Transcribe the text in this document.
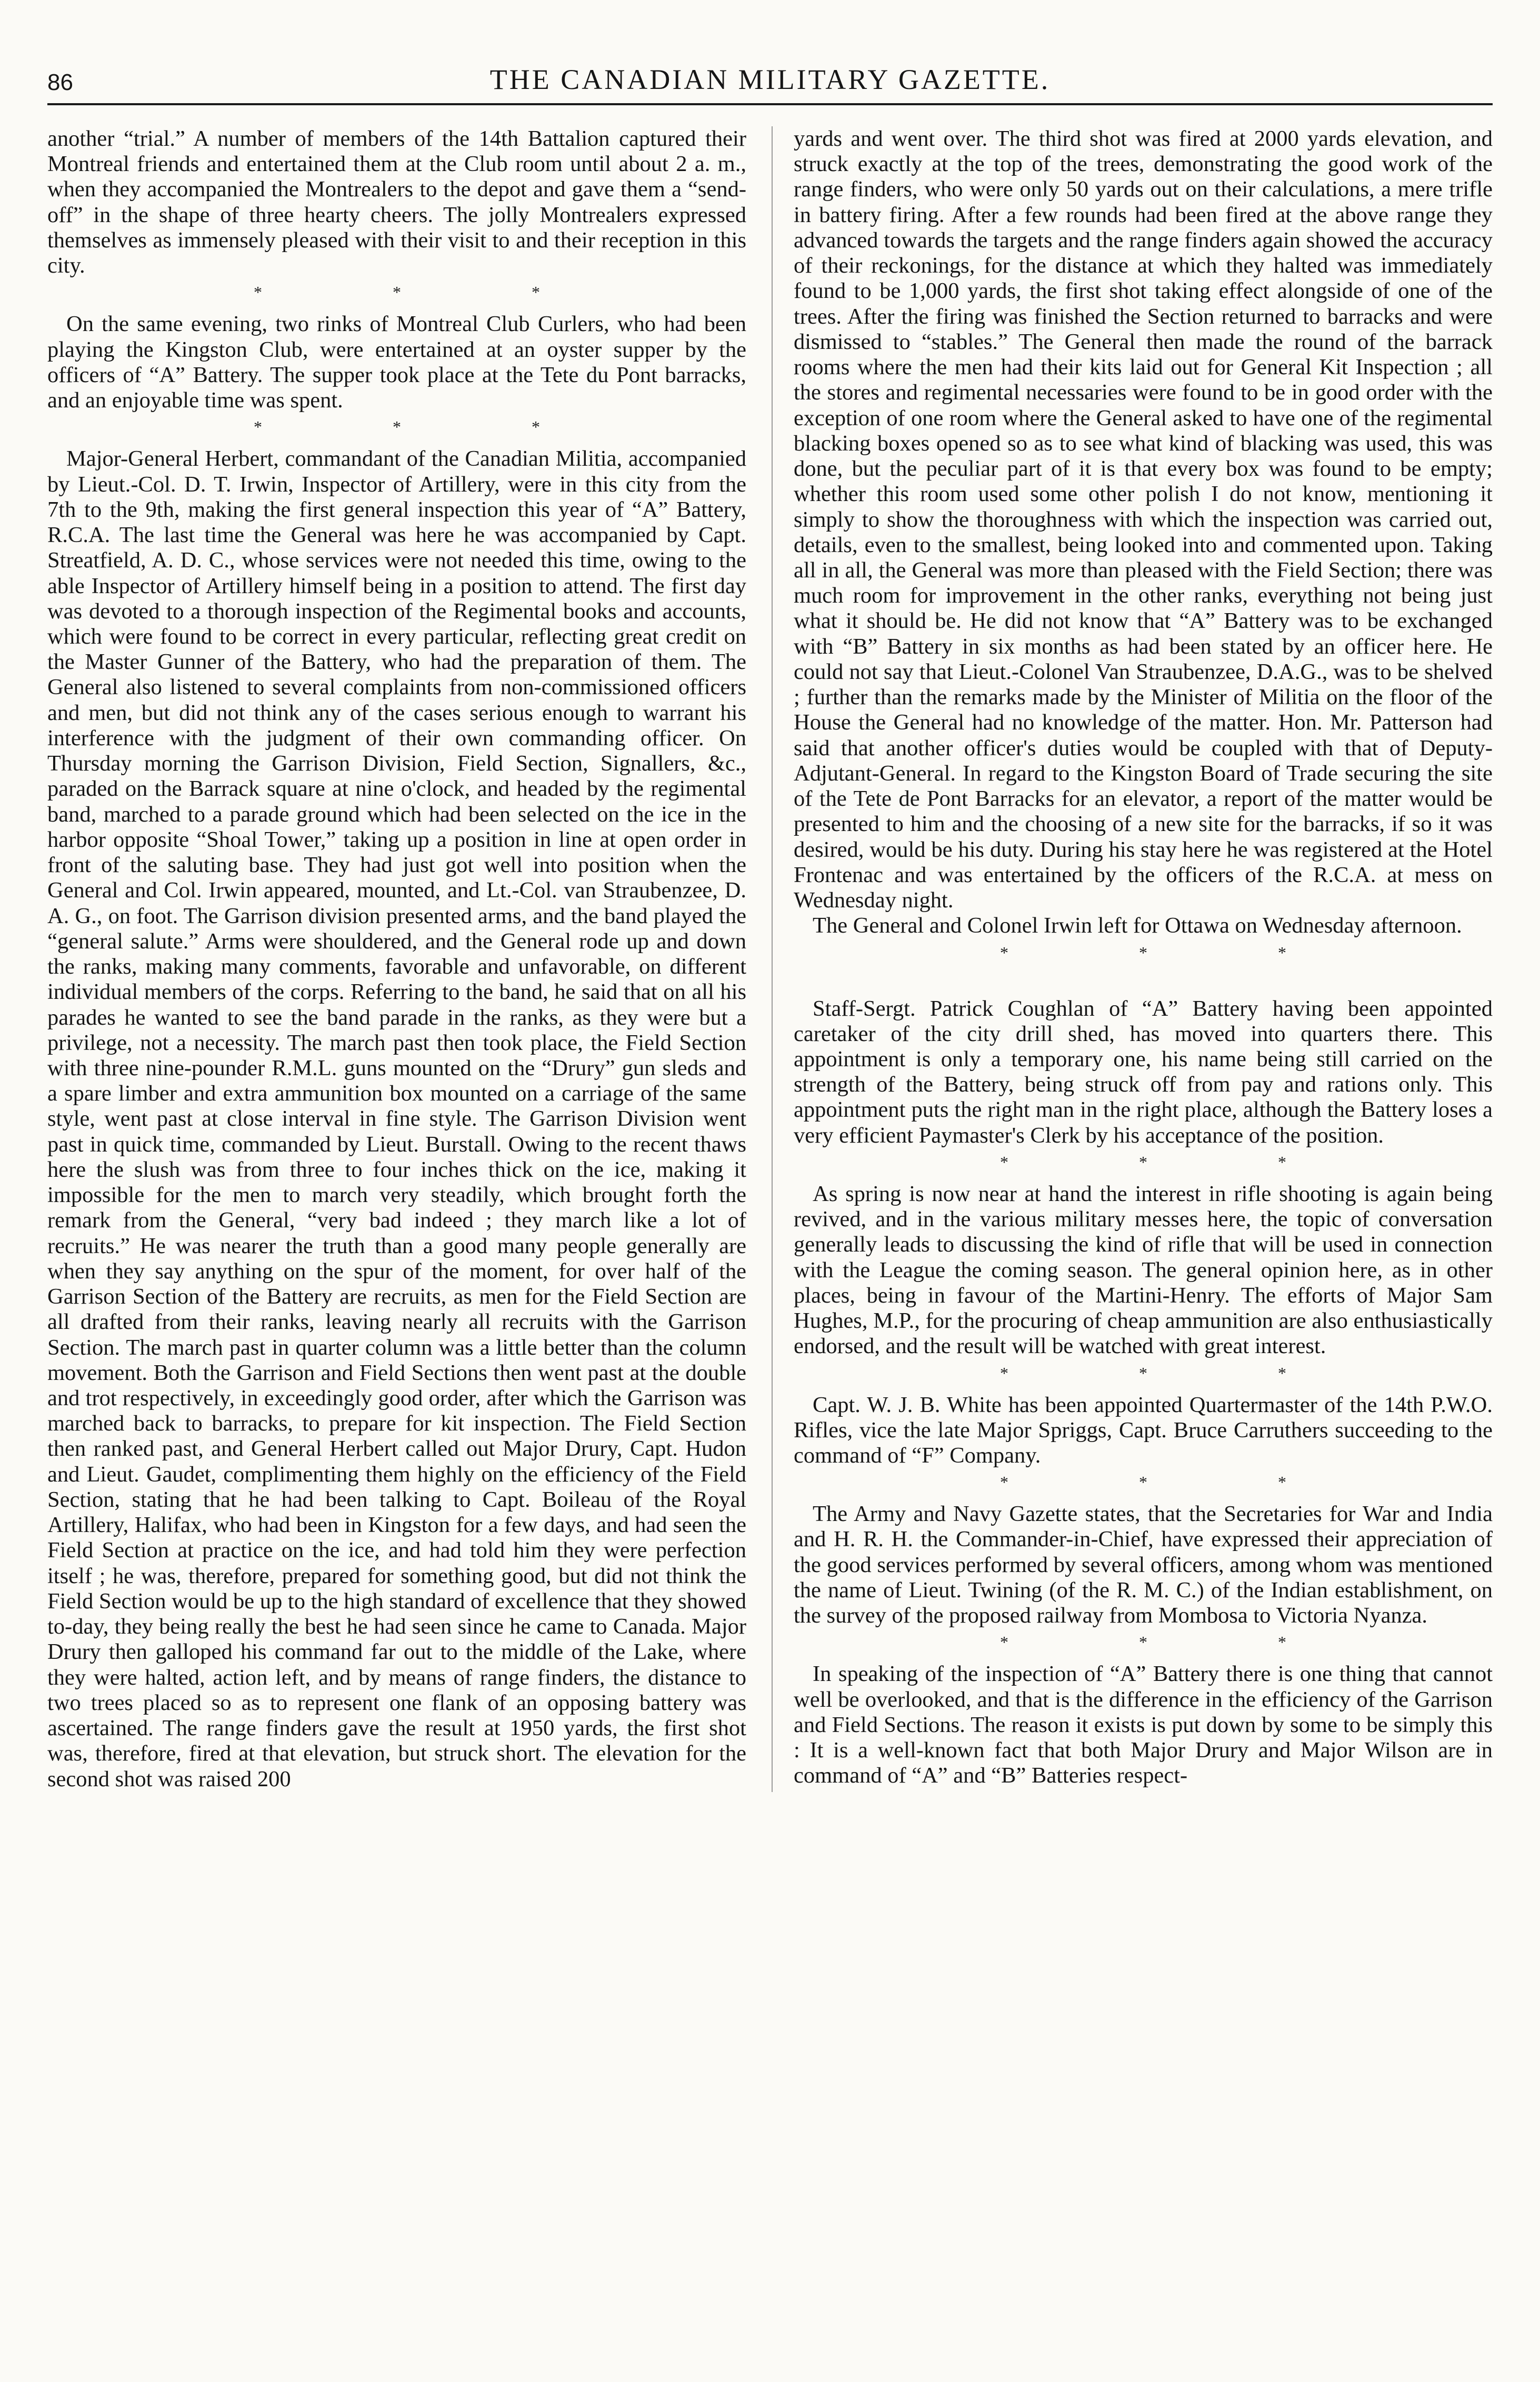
86	THE CANADIAN MILITARY GAZETTE.

another “trial.” A number of members of the 14th Battalion captured their Montreal friends and entertained them at the Club room until about 2 a. m., when they accompanied the Montrealers to the depot and gave them a “send-off” in the shape of three hearty cheers. The jolly Montrealers expressed themselves as immensely pleased with their visit to and their reception in this city.

* * *

On the same evening, two rinks of Montreal Club Curlers, who had been playing the Kingston Club, were entertained at an oyster supper by the officers of “A” Battery. The supper took place at the Tete du Pont barracks, and an enjoyable time was spent.

* * *

Major-General Herbert, commandant of the Canadian Militia, accompanied by Lieut.-Col. D. T. Irwin, Inspector of Artillery, were in this city from the 7th to the 9th, making the first general inspection this year of “A” Battery, R.C.A. The last time the General was here he was accompanied by Capt. Streatfield, A. D. C., whose services were not needed this time, owing to the able Inspector of Artillery himself being in a position to attend. The first day was devoted to a thorough inspection of the Regimental books and accounts, which were found to be correct in every particular, reflecting great credit on the Master Gunner of the Battery, who had the preparation of them. The General also listened to several complaints from non-commissioned officers and men, but did not think any of the cases serious enough to warrant his interference with the judgment of their own commanding officer. On Thursday morning the Garrison Division, Field Section, Signallers, &c., paraded on the Barrack square at nine o'clock, and headed by the regimental band, marched to a parade ground which had been selected on the ice in the harbor opposite “Shoal Tower,” taking up a position in line at open order in front of the saluting base. They had just got well into position when the General and Col. Irwin appeared, mounted, and Lt.-Col. van Straubenzee, D. A. G., on foot. The Garrison division presented arms, and the band played the “general salute.” Arms were shouldered, and the General rode up and down the ranks, making many comments, favorable and unfavorable, on different individual members of the corps. Referring to the band, he said that on all his parades he wanted to see the band parade in the ranks, as they were but a privilege, not a necessity. The march past then took place, the Field Section with three nine-pounder R.M.L. guns mounted on the “Drury” gun sleds and a spare limber and extra ammunition box mounted on a carriage of the same style, went past at close interval in fine style. The Garrison Division went past in quick time, commanded by Lieut. Burstall. Owing to the recent thaws here the slush was from three to four inches thick on the ice, making it impossible for the men to march very steadily, which brought forth the remark from the General, “very bad indeed ; they march like a lot of recruits.” He was nearer the truth than a good many people generally are when they say anything on the spur of the moment, for over half of the Garrison Section of the Battery are recruits, as men for the Field Section are all drafted from their ranks, leaving nearly all recruits with the Garrison Section. The march past in quarter column was a little better than the column movement. Both the Garrison and Field Sections then went past at the double and trot respectively, in exceedingly good order, after which the Garrison was marched back to barracks, to prepare for kit inspection. The Field Section then ranked past, and General Herbert called out Major Drury, Capt. Hudon and Lieut. Gaudet, complimenting them highly on the efficiency of the Field Section, stating that he had been talking to Capt. Boileau of the Royal Artillery, Halifax, who had been in Kingston for a few days, and had seen the Field Section at practice on the ice, and had told him they were perfection itself ; he was, therefore, prepared for something good, but did not think the Field Section would be up to the high standard of excellence that they showed to-day, they being really the best he had seen since he came to Canada. Major Drury then galloped his command far out to the middle of the Lake, where they were halted, action left, and by means of range finders, the distance to two trees placed so as to represent one flank of an opposing battery was ascertained. The range finders gave the result at 1950 yards, the first shot was, therefore, fired at that elevation, but struck short. The elevation for the second shot was raised 200

yards and went over. The third shot was fired at 2000 yards elevation, and struck exactly at the top of the trees, demonstrating the good work of the range finders, who were only 50 yards out on their calculations, a mere trifle in battery firing. After a few rounds had been fired at the above range they advanced towards the targets and the range finders again showed the accuracy of their reckonings, for the distance at which they halted was immediately found to be 1,000 yards, the first shot taking effect alongside of one of the trees. After the firing was finished the Section returned to barracks and were dismissed to “stables.” The General then made the round of the barrack rooms where the men had their kits laid out for General Kit Inspection ; all the stores and regimental necessaries were found to be in good order with the exception of one room where the General asked to have one of the regimental blacking boxes opened so as to see what kind of blacking was used, this was done, but the peculiar part of it is that every box was found to be empty; whether this room used some other polish I do not know, mentioning it simply to show the thoroughness with which the inspection was carried out, details, even to the smallest, being looked into and commented upon. Taking all in all, the General was more than pleased with the Field Section; there was much room for improvement in the other ranks, everything not being just what it should be. He did not know that “A” Battery was to be exchanged with “B” Battery in six months as had been stated by an officer here. He could not say that Lieut.-Colonel Van Straubenzee, D.A.G., was to be shelved ; further than the remarks made by the Minister of Militia on the floor of the House the General had no knowledge of the matter. Hon. Mr. Patterson had said that another officer's duties would be coupled with that of Deputy-Adjutant-General. In regard to the Kingston Board of Trade securing the site of the Tete de Pont Barracks for an elevator, a report of the matter would be presented to him and the choosing of a new site for the barracks, if so it was desired, would be his duty. During his stay here he was registered at the Hotel Frontenac and was entertained by the officers of the R.C.A. at mess on Wednesday night.

The General and Colonel Irwin left for Ottawa on Wednesday afternoon.

* * *

Staff-Sergt. Patrick Coughlan of “A” Battery having been appointed caretaker of the city drill shed, has moved into quarters there. This appointment is only a temporary one, his name being still carried on the strength of the Battery, being struck off from pay and rations only. This appointment puts the right man in the right place, although the Battery loses a very efficient Paymaster's Clerk by his acceptance of the position.

* * *

As spring is now near at hand the interest in rifle shooting is again being revived, and in the various military messes here, the topic of conversation generally leads to discussing the kind of rifle that will be used in connection with the League the coming season. The general opinion here, as in other places, being in favour of the Martini-Henry. The efforts of Major Sam Hughes, M.P., for the procuring of cheap ammunition are also enthusiastically endorsed, and the result will be watched with great interest.

* * *

Capt. W. J. B. White has been appointed Quartermaster of the 14th P.W.O. Rifles, vice the late Major Spriggs, Capt. Bruce Carruthers succeeding to the command of “F” Company.

* * *

The Army and Navy Gazette states, that the Secretaries for War and India and H. R. H. the Commander-in-Chief, have expressed their appreciation of the good services performed by several officers, among whom was mentioned the name of Lieut. Twining (of the R. M. C.) of the Indian establishment, on the survey of the proposed railway from Mombosa to Victoria Nyanza.

* * *

In speaking of the inspection of “A” Battery there is one thing that cannot well be overlooked, and that is the difference in the efficiency of the Garrison and Field Sections. The reason it exists is put down by some to be simply this : It is a well-known fact that both Major Drury and Major Wilson are in command of “A” and “B” Batteries respect-
